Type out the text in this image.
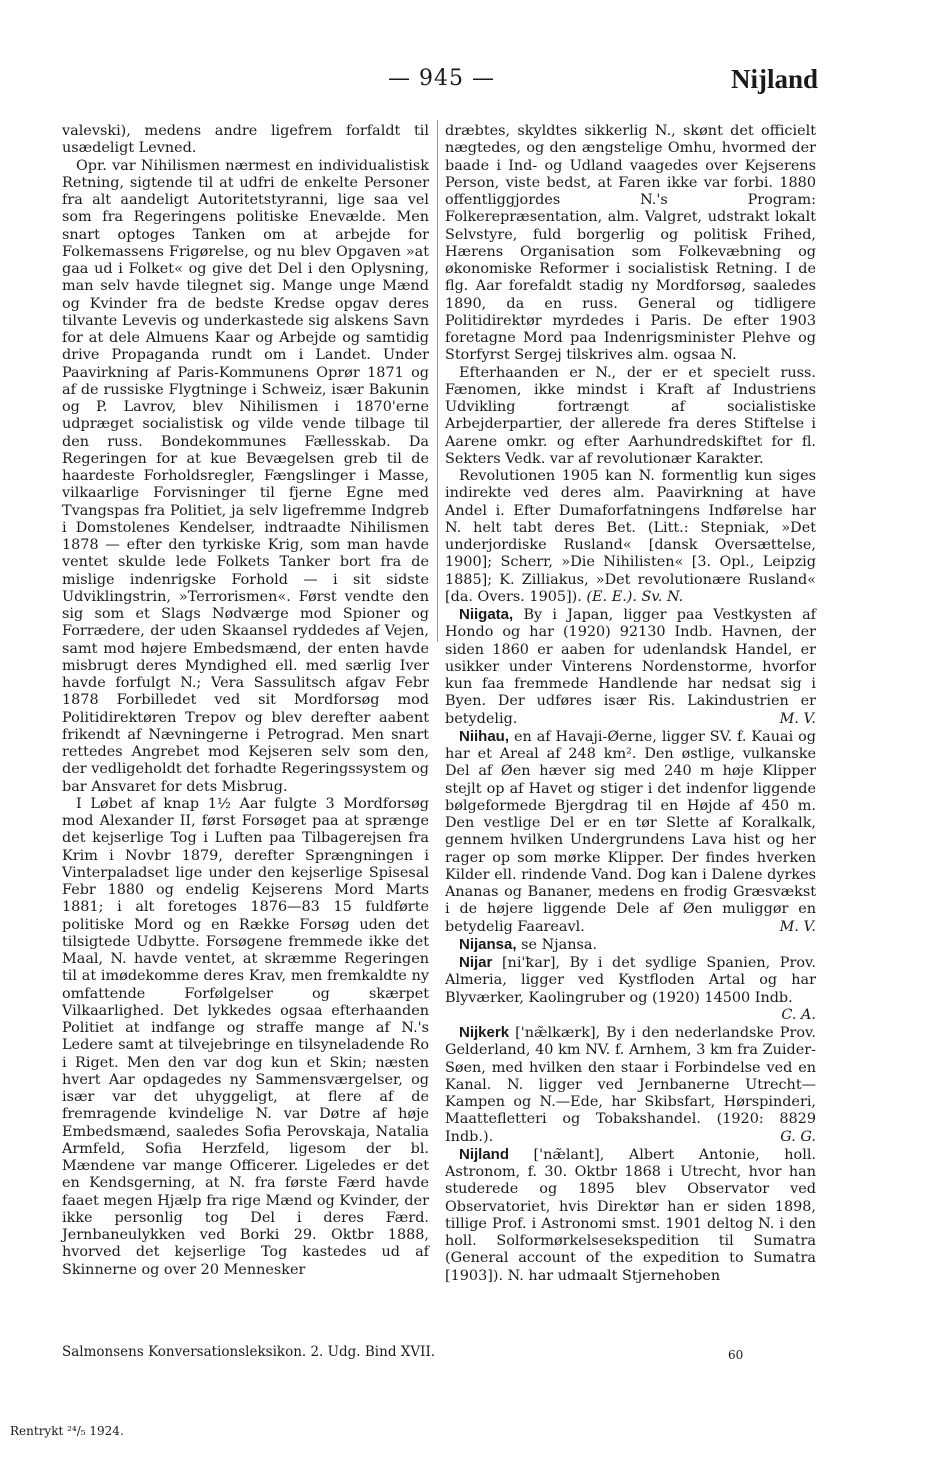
— 945 —	Nijland

valevski), medens andre ligefrem forfaldt til usædeligt Levned.

Opr. var Nihilismen nærmest en individualistisk Retning, sigtende til at udfri de enkelte Personer fra alt aandeligt Autoritetstyranni, lige saa vel som fra Regeringens politiske Enevælde. Men snart optoges Tanken om at arbejde for Folkemassens Frigørelse, og nu blev Opgaven »at gaa ud i Folket« og give det Del i den Oplysning, man selv havde tilegnet sig. Mange unge Mænd og Kvinder fra de bedste Kredse opgav deres tilvante Levevis og underkastede sig alskens Savn for at dele Almuens Kaar og Arbejde og samtidig drive Propaganda rundt om i Landet. Under Paavirkning af Paris-Kommunens Oprør 1871 og af de russiske Flygtninge i Schweiz, især Bakunin og P. Lavrov, blev Nihilismen i 1870'erne udpræget socialistisk og vilde vende tilbage til den russ. Bondekommunes Fællesskab. Da Regeringen for at kue Bevægelsen greb til de haardeste Forholdsregler, Fængslinger i Masse, vilkaarlige Forvisninger til fjerne Egne med Tvangspas fra Politiet, ja selv ligefremme Indgreb i Domstolenes Kendelser, indtraadte Nihilismen 1878 — efter den tyrkiske Krig, som man havde ventet skulde lede Folkets Tanker bort fra de mislige indenrigske Forhold — i sit sidste Udviklingstrin, »Terrorismen«. Først vendte den sig som et Slags Nødværge mod Spioner og Forrædere, der uden Skaansel ryddedes af Vejen, samt mod højere Embedsmænd, der enten havde misbrugt deres Myndighed ell. med særlig Iver havde forfulgt N.; Vera Sassulitsch afgav Febr 1878 Forbilledet ved sit Mordforsøg mod Politidirektøren Trepov og blev derefter aabent frikendt af Nævningerne i Petrograd. Men snart rettedes Angrebet mod Kejseren selv som den, der vedligeholdt det forhadte Regeringssystem og bar Ansvaret for dets Misbrug.

I Løbet af knap 1½ Aar fulgte 3 Mordforsøg mod Alexander II, først Forsøget paa at sprænge det kejserlige Tog i Luften paa Tilbagerejsen fra Krim i Novbr 1879, derefter Sprængningen i Vinterpaladset lige under den kejserlige Spisesal Febr 1880 og endelig Kejserens Mord Marts 1881; i alt foretoges 1876—83 15 fuldførte politiske Mord og en Række Forsøg uden det tilsigtede Udbytte. Forsøgene fremmede ikke det Maal, N. havde ventet, at skræmme Regeringen til at imødekomme deres Krav, men fremkaldte ny omfattende Forfølgelser og skærpet Vilkaarlighed. Det lykkedes ogsaa efterhaanden Politiet at indfange og straffe mange af N.'s Ledere samt at tilvejebringe en tilsyneladende Ro i Riget. Men den var dog kun et Skin; næsten hvert Aar opdagedes ny Sammensværgelser, og især var det uhyggeligt, at flere af de fremragende kvindelige N. var Døtre af høje Embedsmænd, saaledes Sofia Perovskaja, Natalia Armfeld, Sofia Herzfeld, ligesom der bl. Mændene var mange Officerer. Ligeledes er det en Kendsgerning, at N. fra første Færd havde faaet megen Hjælp fra rige Mænd og Kvinder, der ikke personlig tog Del i deres Færd. Jernbaneulykken ved Borki 29. Oktbr 1888, hvorved det kejserlige Tog kastedes ud af Skinnerne og over 20 Mennesker

dræbtes, skyldtes sikkerlig N., skønt det officielt nægtedes, og den ængstelige Omhu, hvormed der baade i Ind- og Udland vaagedes over Kejserens Person, viste bedst, at Faren ikke var forbi. 1880 offentliggjordes N.'s Program: Folkerepræsentation, alm. Valgret, udstrakt lokalt Selvstyre, fuld borgerlig og politisk Frihed, Hærens Organisation som Folkevæbning og økonomiske Reformer i socialistisk Retning. I de flg. Aar forefaldt stadig ny Mordforsøg, saaledes 1890, da en russ. General og tidligere Politidirektør myrdedes i Paris. De efter 1903 foretagne Mord paa Indenrigsminister Plehve og Storfyrst Sergej tilskrives alm. ogsaa N.

Efterhaanden er N., der er et specielt russ. Fænomen, ikke mindst i Kraft af Industriens Udvikling fortrængt af socialistiske Arbejderpartier, der allerede fra deres Stiftelse i Aarene omkr. og efter Aarhundredskiftet for fl. Sekters Vedk. var af revolutionær Karakter.

Revolutionen 1905 kan N. formentlig kun siges indirekte ved deres alm. Paavirkning at have Andel i. Efter Dumaforfatningens Indførelse har N. helt tabt deres Bet. (Litt.: Stepniak, »Det underjordiske Rusland« [dansk Oversættelse, 1900]; Scherr, »Die Nihilisten« [3. Opl., Leipzig 1885]; K. Zilliakus, »Det revolutionære Rusland« [da. Overs. 1905]). (E. E.). Sv. N.

Niigata, By i Japan, ligger paa Vestkysten af Hondo og har (1920) 92130 Indb. Havnen, der siden 1860 er aaben for udenlandsk Handel, er usikker under Vinterens Nordenstorme, hvorfor kun faa fremmede Handlende har nedsat sig i Byen. Der udføres især Ris. Lakindustrien er betydelig.	M. V.

Niihau, en af Havaji-Øerne, ligger SV. f. Kauai og har et Areal af 248 km². Den østlige, vulkanske Del af Øen hæver sig med 240 m høje Klipper stejlt op af Havet og stiger i det indenfor liggende bølgeformede Bjergdrag til en Højde af 450 m. Den vestlige Del er en tør Slette af Koralkalk, gennem hvilken Undergrundens Lava hist og her rager op som mørke Klipper. Der findes hverken Kilder ell. rindende Vand. Dog kan i Dalene dyrkes Ananas og Bananer, medens en frodig Græsvækst i de højere liggende Dele af Øen muliggør en betydelig Faareavl.	M. V.

Nijansa, se Njansa.

Nijar [ni'ꝁar], By i det sydlige Spanien, Prov. Almeria, ligger ved Kystfloden Artal og har Blyværker, Kaolingruber og (1920) 14500 Indb.
C. A.

Nijkerk ['næ̃lkærk], By i den nederlandske Prov. Gelderland, 40 km NV. f. Arnhem, 3 km fra Zuider-Søen, med hvilken den staar i Forbindelse ved en Kanal. N. ligger ved Jernbanerne Utrecht—Kampen og N.—Ede, har Skibsfart, Hørspinderi, Maattefletteri og Tobakshandel. (1920: 8829 Indb.).	G. G.

Nijland ['næ̃lant], Albert Antonie, holl. Astronom, f. 30. Oktbr 1868 i Utrecht, hvor han studerede og 1895 blev Observator ved Observatoriet, hvis Direktør han er siden 1898, tillige Prof. i Astronomi smst. 1901 deltog N. i den holl. Solformørkelsesekspedition til Sumatra (General account of the expedition to Sumatra [1903]). N. har udmaalt Stjernehoben

Salmonsens Konversationsleksikon. 2. Udg. Bind XVII.	60
Rentrykt ²⁴/₅ 1924.
